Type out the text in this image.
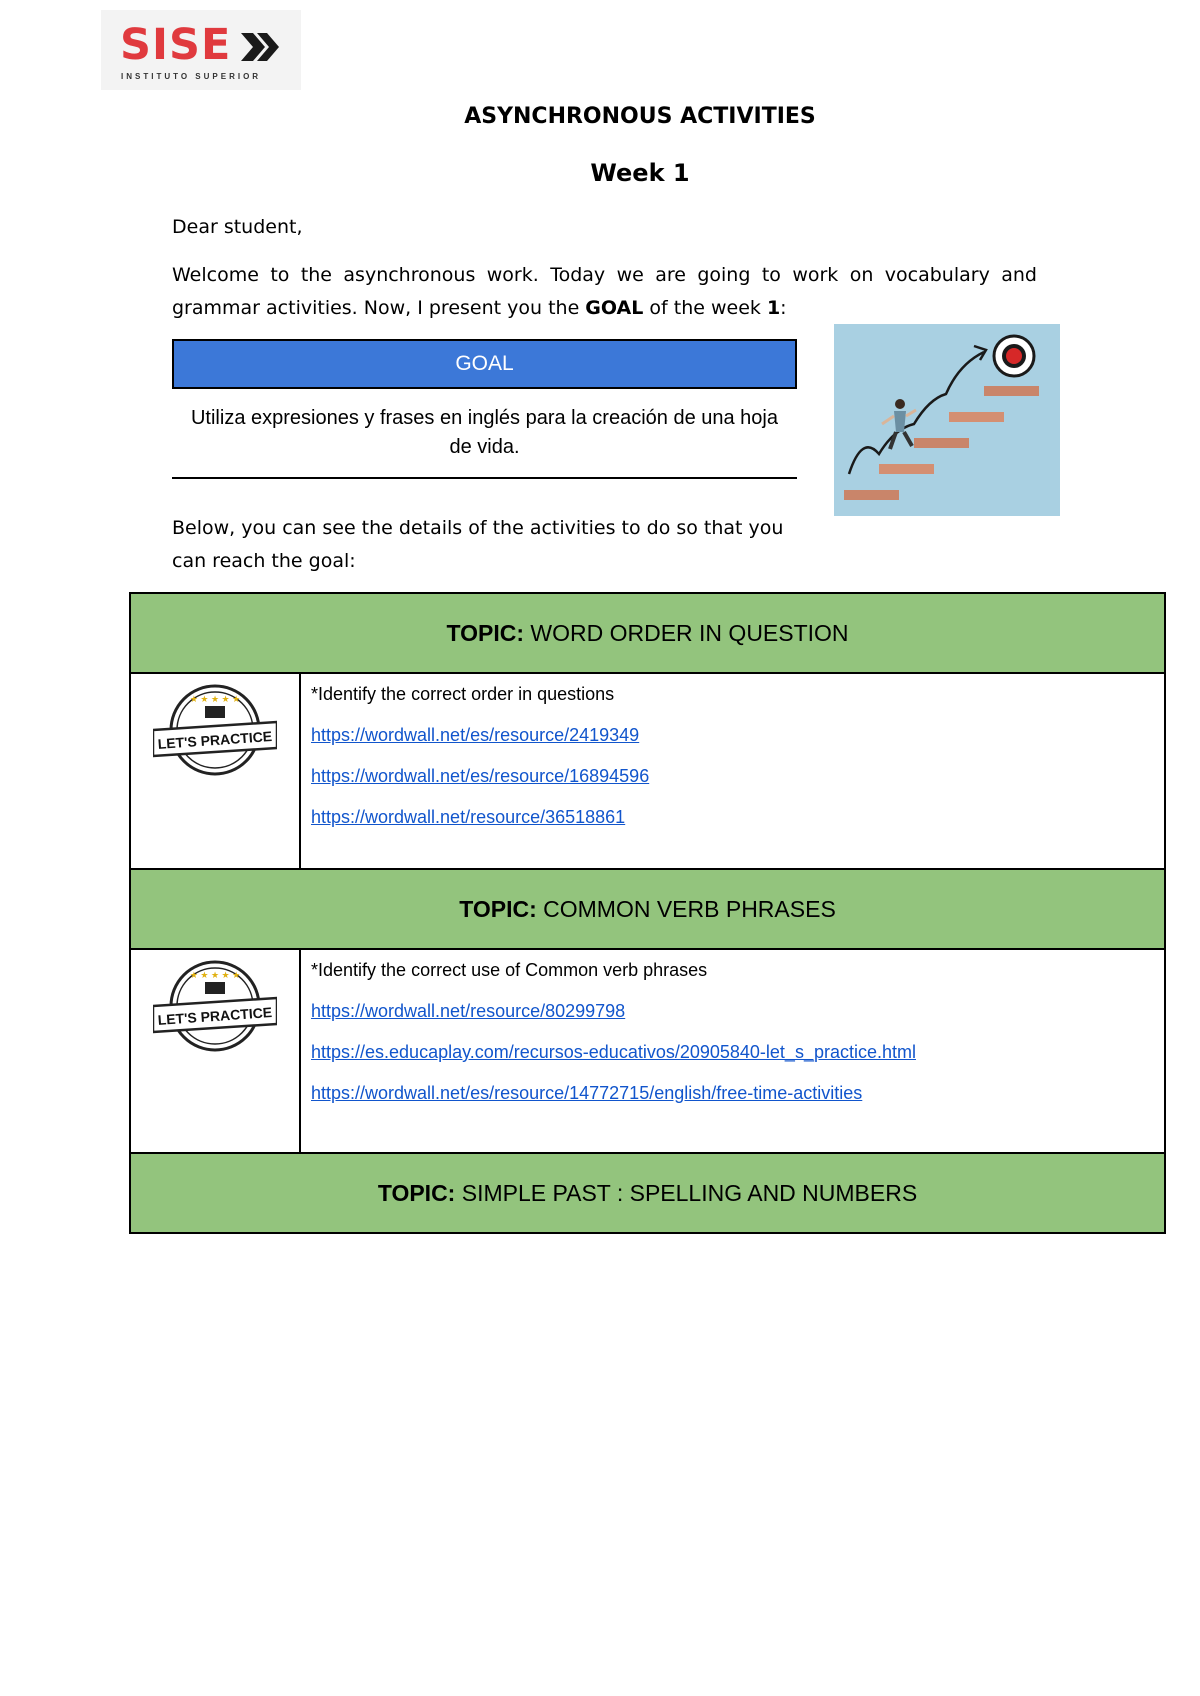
SISE
INSTITUTO SUPERIOR
ASYNCHRONOUS ACTIVITIES
Week 1
Dear student,
Welcome to the asynchronous work. Today we are going to work on vocabulary and grammar activities. Now, I present you the GOAL of the week 1:
GOAL
Utiliza expresiones y frases en inglés para la creación de una hoja de vida.
Below, you can see the details of the activities to do so that you can reach the goal:
TOPIC: WORD ORDER IN QUESTION	

★ ★ ★ ★ ★
LET'S PRACTICE	*Identify the correct order in questions

https://wordwall.net/es/resource/2419349
https://wordwall.net/es/resource/16894596
https://wordwall.net/resource/36518861

TOPIC: COMMON VERB PHRASES	

★ ★ ★ ★ ★
LET'S PRACTICE	*Identify the correct use of Common verb phrases

https://wordwall.net/resource/80299798
https://es.educaplay.com/recursos-educativos/20905840-let_s_practice.html
https://wordwall.net/es/resource/14772715/english/free-time-activities

TOPIC: SIMPLE PAST : SPELLING AND NUMBERS	
